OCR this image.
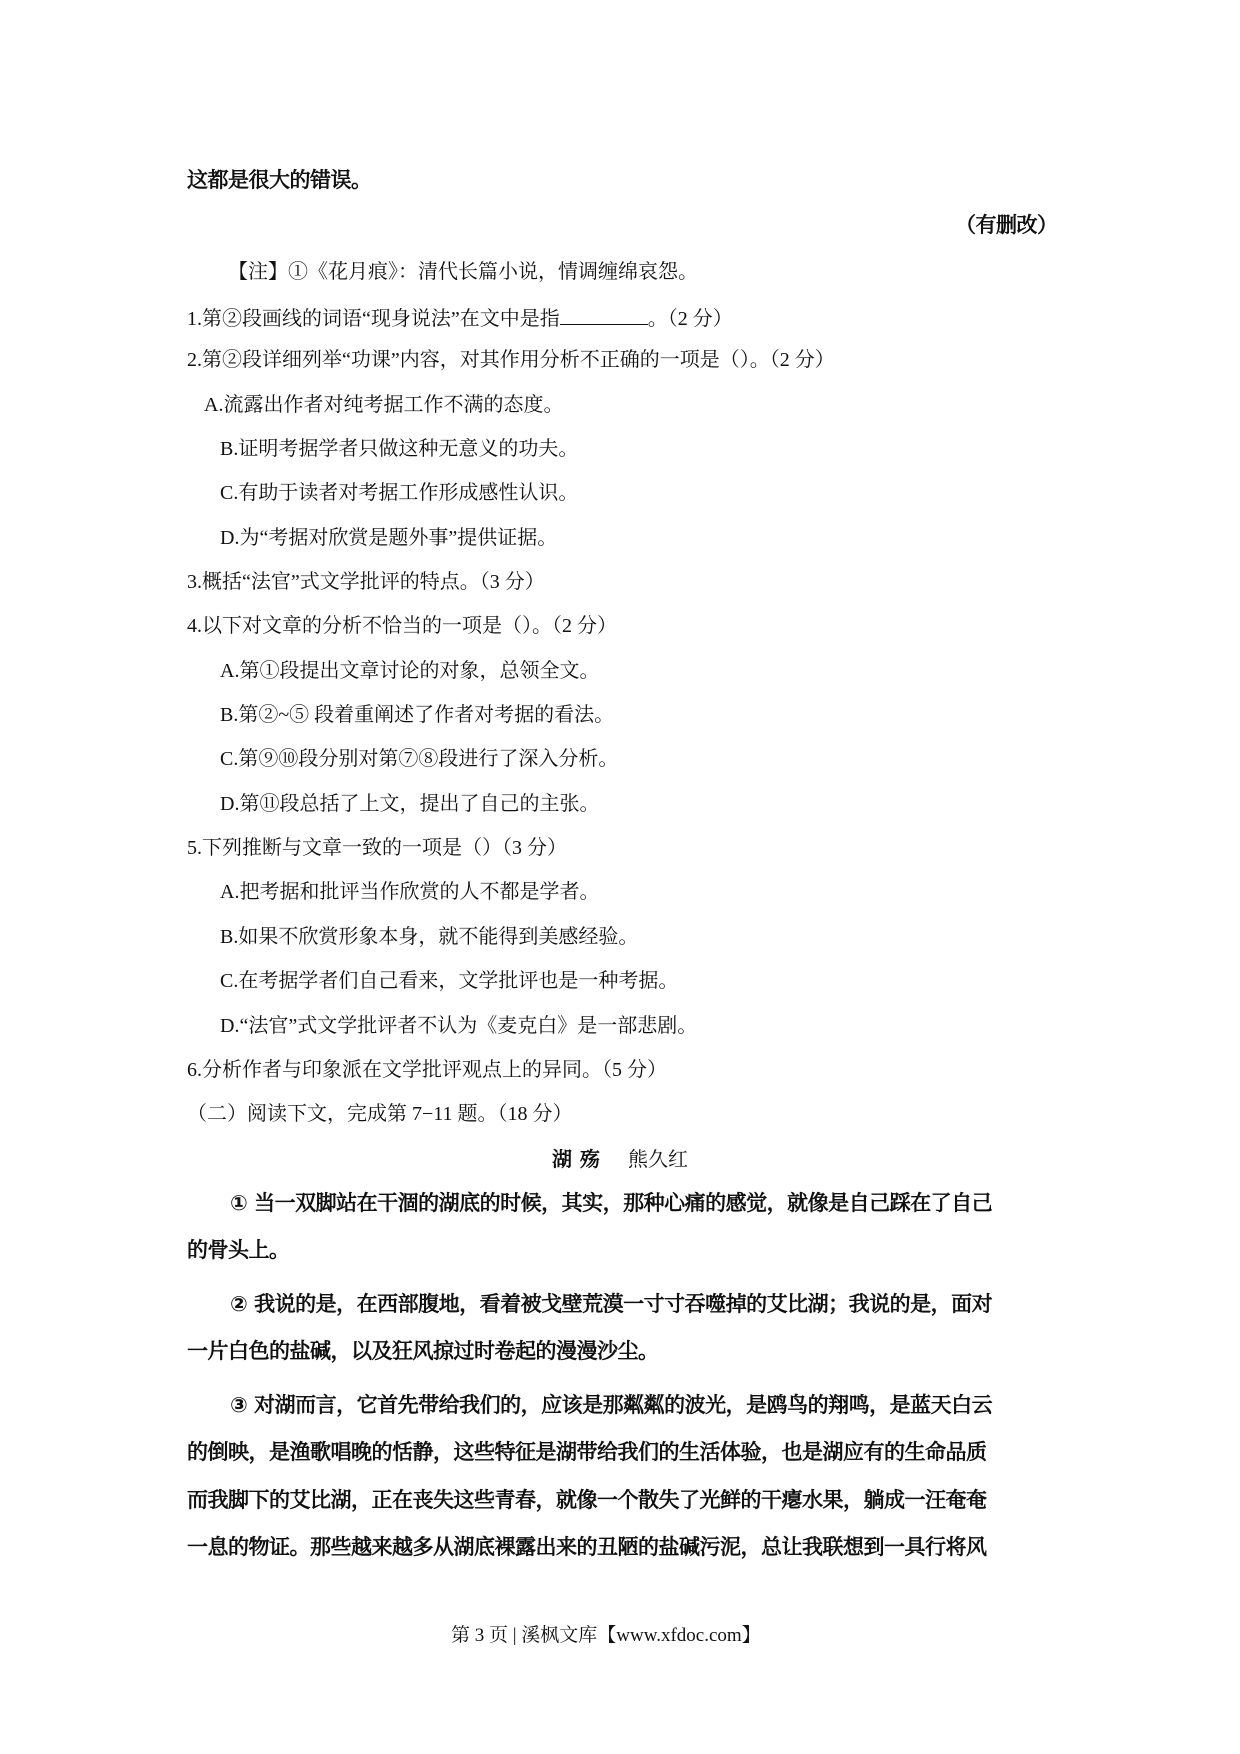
这都是很大的错误。
（有删改）
【注】①《花月痕》：清代长篇小说，情调缠绵哀怨。
1.第②段画线的词语“现身说法”在文中是指	。（2 分）
2.第②段详细列举“功课”内容，对其作用分析不正确的一项是（）。（2 分）
A.流露出作者对纯考据工作不满的态度。
B.证明考据学者只做这种无意义的功夫。
C.有助于读者对考据工作形成感性认识。
D.为“考据对欣赏是题外事”提供证据。
3.概括“法官”式文学批评的特点。（3 分）
4.以下对文章的分析不恰当的一项是（）。（2 分）
A.第①段提出文章讨论的对象，总领全文。
B.第②~⑤ 段着重阐述了作者对考据的看法。
C.第⑨⑩段分别对第⑦⑧段进行了深入分析。
D.第⑪段总括了上文，提出了自己的主张。
5.下列推断与文章一致的一项是（）（3 分）
A.把考据和批评当作欣赏的人不都是学者。
B.如果不欣赏形象本身，就不能得到美感经验。
C.在考据学者们自己看来，文学批评也是一种考据。
D.“法官”式文学批评者不认为《麦克白》是一部悲剧。
6.分析作者与印象派在文学批评观点上的异同。（5 分）
（二）阅读下文，完成第 7−11 题。（18 分）
湖殇 熊久红
① 当一双脚站在干涸的湖底的时候，其实，那种心痛的感觉，就像是自己踩在了自己
的骨头上。
② 我说的是，在西部腹地，看着被戈壁荒漠一寸寸吞噬掉的艾比湖；我说的是，面对
一片白色的盐碱，以及狂风掠过时卷起的漫漫沙尘。
③ 对湖而言，它首先带给我们的，应该是那粼粼的波光，是鸥鸟的翔鸣，是蓝天白云
的倒映，是渔歌唱晚的恬静，这些特征是湖带给我们的生活体验，也是湖应有的生命品质
而我脚下的艾比湖，正在丧失这些青春，就像一个散失了光鲜的干瘪水果，躺成一汪奄奄
一息的物证。那些越来越多从湖底裸露出来的丑陋的盐碱污泥，总让我联想到一具行将风
第 3 页 | 溪枫文库【www.xfdoc.com】
